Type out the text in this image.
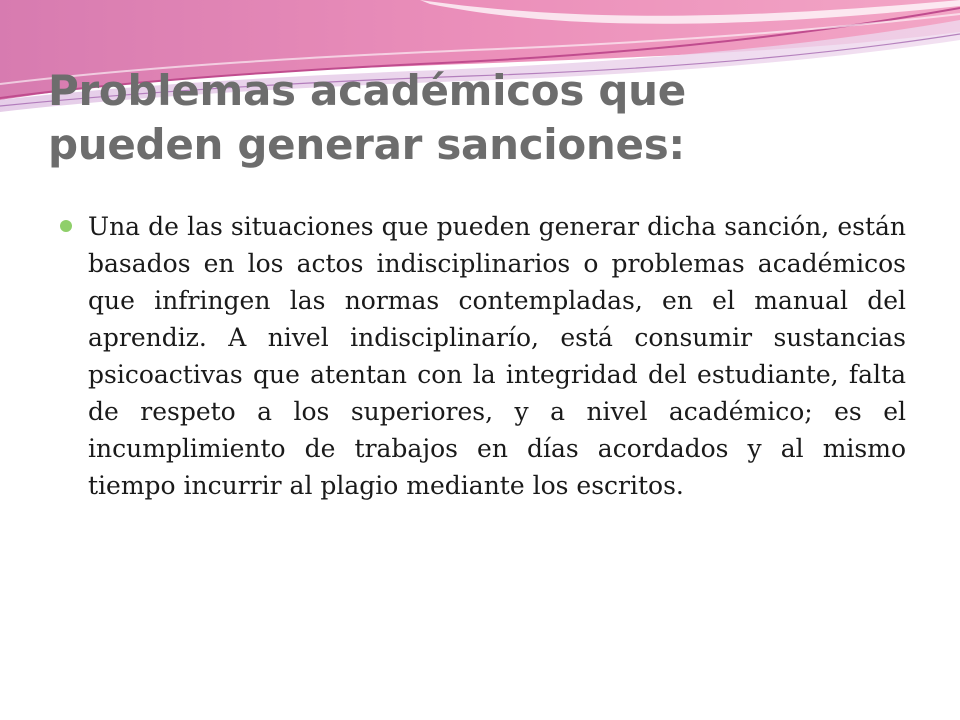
Problemas académicos que
pueden generar sanciones:

Una de las situaciones que pueden generar dicha sanción, están basados en los actos indisciplinarios o problemas académicos que infringen las normas contempladas, en el manual del aprendiz. A nivel indisciplinarío, está consumir sustancias psicoactivas que atentan con la integridad del estudiante, falta de respeto a los superiores, y a nivel académico; es el incumplimiento de trabajos en días acordados y al mismo tiempo incurrir al plagio mediante los escritos.
